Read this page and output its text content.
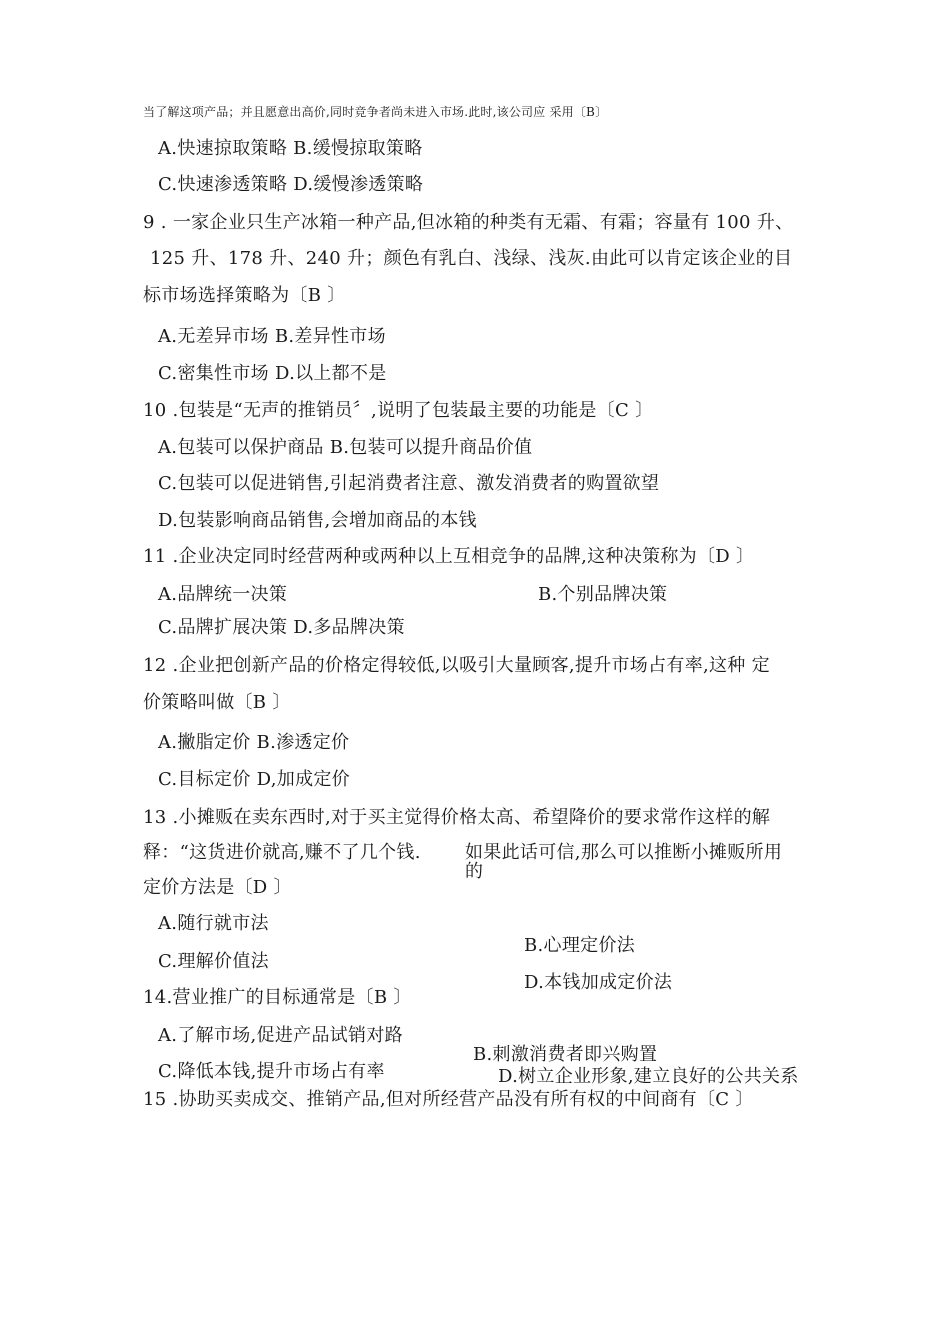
当了解这项产品；并且愿意出高价,同时竞争者尚未进入市场.此时,该公司应 采用〔B〕
A.快速掠取策略 B.缓慢掠取策略
C.快速渗透策略 D.缓慢渗透策略
9 . 一家企业只生产冰箱一种产品,但冰箱的种类有无霜、有霜；容量有 100 升、
125 升、178 升、240 升；颜色有乳白、浅绿、浅灰.由此可以肯定该企业的目
标市场选择策略为〔B 〕
A.无差异市场 B.差异性市场
C.密集性市场 D.以上都不是
10 .包装是“无声的推销员〞,说明了包装最主要的功能是〔C 〕
A.包装可以保护商品 B.包装可以提升商品价值
C.包装可以促进销售,引起消费者注意、激发消费者的购置欲望
D.包装影响商品销售,会增加商品的本钱
11 .企业决定同时经营两种或两种以上互相竞争的品牌,这种决策称为〔D 〕
A.品牌统一决策	B.个别品牌决策
C.品牌扩展决策 D.多品牌决策
12 .企业把创新产品的价格定得较低,以吸引大量顾客,提升市场占有率,这种 定
价策略叫做〔B 〕
A.撇脂定价 B.渗透定价
C.目标定价 D,加成定价
13 .小摊贩在卖东西时,对于买主觉得价格太高、希望降价的要求常作这样的解
释：“这货进价就高,赚不了几个钱. 如果此话可信,那么可以推断小摊贩所用
的
定价方法是〔D 〕
A.随行就市法
B.心理定价法
C.理解价值法
D.本钱加成定价法
14.营业推广的目标通常是〔B 〕
A.了解市场,促进产品试销对路
B.刺激消费者即兴购置
C.降低本钱,提升市场占有率	D.树立企业形象,建立良好的公共关系
15 .协助买卖成交、推销产品,但对所经营产品没有所有权的中间商有〔C 〕
